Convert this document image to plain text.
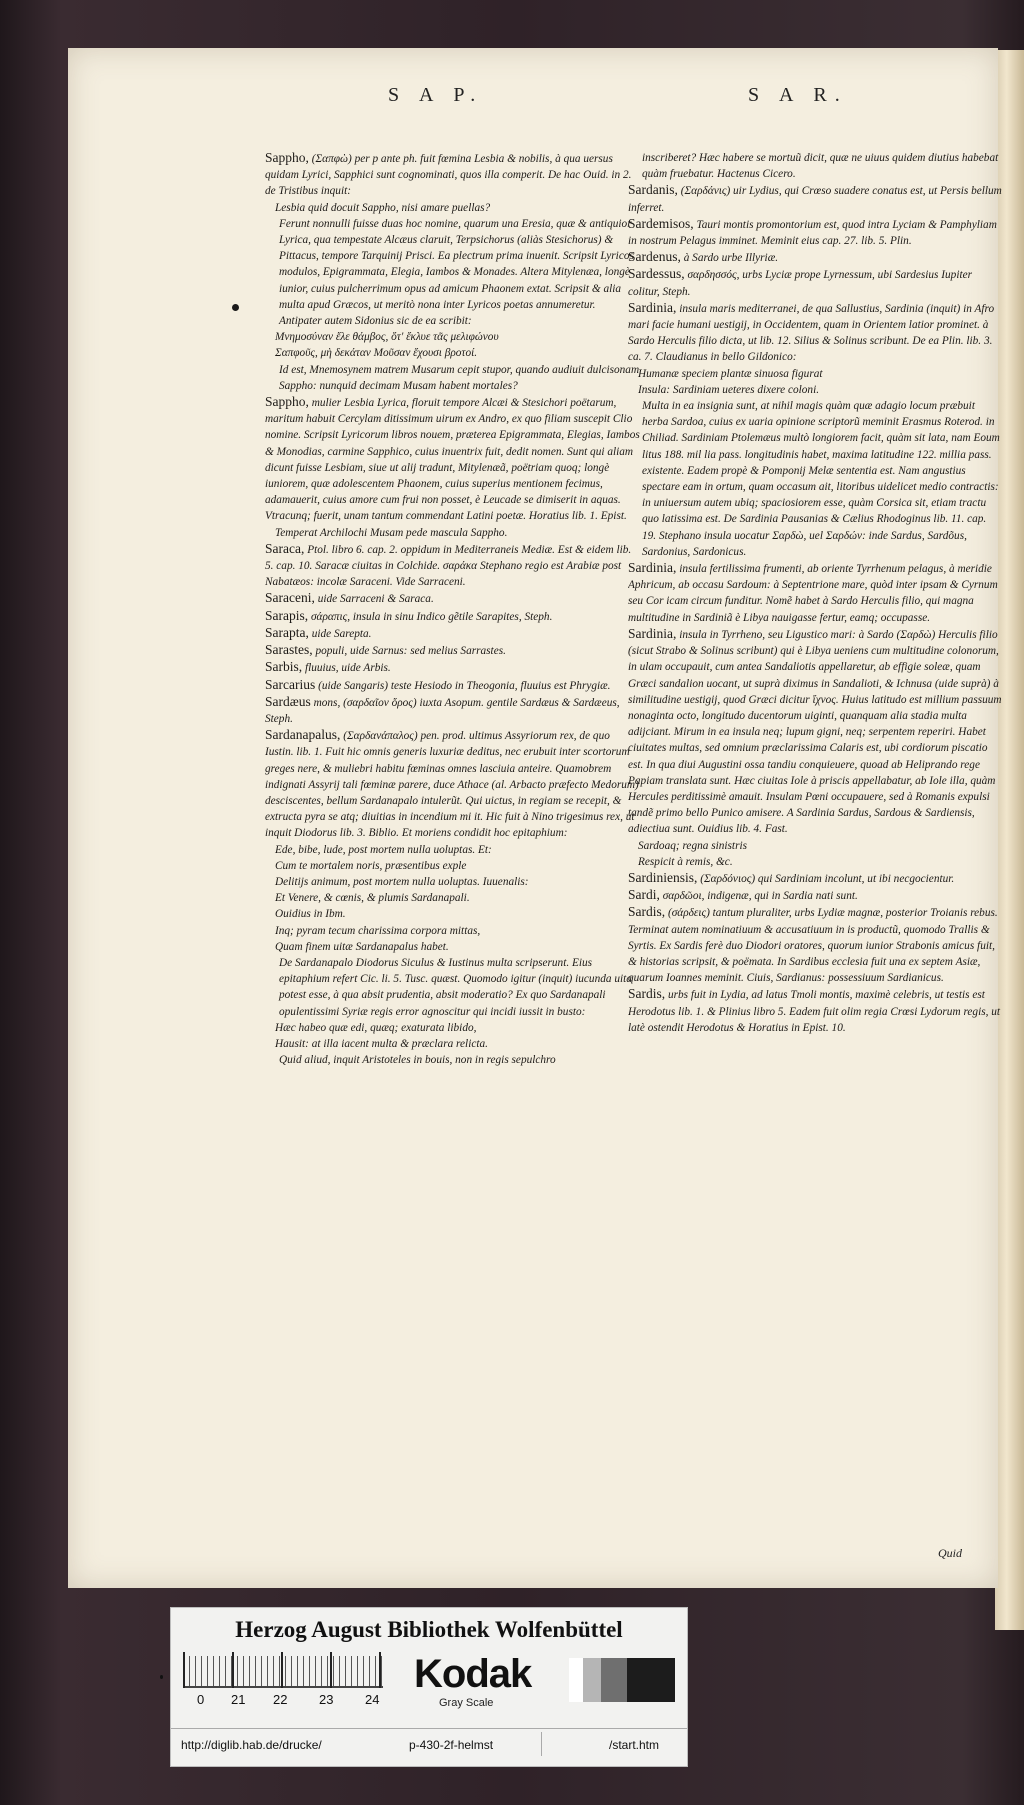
S A P.	S A R.

Sappho, (Σαπφὼ) per p ante ph. fuit fœmina Lesbia & nobilis, à qua uersus quidam Lyrici, Sapphici sunt cognominati, quos illa comperit. De hac Ouid. in 2. de Tristibus inquit:

Lesbia quid docuit Sappho, nisi amare puellas?

Ferunt nonnulli fuisse duas hoc nomine, quarum una Eresia, quæ & antiquior Lyrica, qua tempestate Alcæus claruit, Terpsichorus (aliàs Stesichorus) & Pittacus, tempore Tarquinij Prisci. Ea plectrum prima inuenit. Scripsit Lyricos modulos, Epigrammata, Elegia, Iambos & Monades. Altera Mitylenæa, longè iunior, cuius pulcherrimum opus ad amicum Phaonem extat. Scripsit & alia multa apud Græcos, ut meritò nona inter Lyricos poetas annumeretur. Antipater autem Sidonius sic de ea scribit:

Μνημοσύναν ἔλε θάμβος, ὅτ' ἔκλυε τᾶς μελιφώνου

Σαπφοῦς, μὴ δεκάταν Μοῦσαν ἔχουσι βροτοί.

Id est, Mnemosynem matrem Musarum cepit stupor, quando audiuit dulcisonam Sappho: nunquid decimam Musam habent mortales?

Sappho, mulier Lesbia Lyrica, floruit tempore Alcæi & Stesichori poëtarum, maritum habuit Cercylam ditissimum uirum ex Andro, ex quo filiam suscepit Clio nomine. Scripsit Lyricorum libros nouem, præterea Epigrammata, Elegias, Iambos & Monodias, carmine Sapphico, cuius inuentrix fuit, dedit nomen. Sunt qui aliam dicunt fuisse Lesbiam, siue ut alij tradunt, Mitylenæã, poëtriam quoq; longè iuniorem, quæ adolescentem Phaonem, cuius superius mentionem fecimus, adamauerit, cuius amore cum frui non posset, è Leucade se dimiserit in aquas. Vtracunq; fuerit, unam tantum commendant Latini poetæ. Horatius lib. 1. Epist.

Temperat Archilochi Musam pede mascula Sappho.

Saraca, Ptol. libro 6. cap. 2. oppidum in Mediterraneis Mediæ. Est & eidem lib. 5. cap. 10. Saracæ ciuitas in Colchide. σαράκα Stephano regio est Arabiæ post Nabatæos: incolæ Saraceni. Vide Sarraceni.

Saraceni, uide Sarraceni & Saraca.

Sarapis, σάραπις, insula in sinu Indico gẽtile Sarapites, Steph.

Sarapta, uide Sarepta.

Sarastes, populi, uide Sarnus: sed melius Sarrastes.

Sarbis, fluuius, uide Arbis.

Sarcarius (uide Sangaris) teste Hesiodo in Theogonia, fluuius est Phrygiæ.

Sardæus mons, (σαρδαῖον ὄρος) iuxta Asopum. gentile Sardæus & Sardæeus, Steph.

Sardanapalus, (Σαρδανάπαλος) pen. prod. ultimus Assyriorum rex, de quo Iustin. lib. 1. Fuit hic omnis generis luxuriæ deditus, nec erubuit inter scortorum greges nere, & muliebri habitu fœminas omnes lasciuia anteire. Quamobrem indignati Assyrij tali fœminæ parere, duce Athace (al. Arbacto præfecto Medorum) desciscentes, bellum Sardanapalo intulerũt. Qui uictus, in regiam se recepit, & extructa pyra se atq; diuitias in incendium mi it. Hic fuit à Nino trigesimus rex, ut inquit Diodorus lib. 3. Biblio. Et moriens condidit hoc epitaphium:

Ede, bibe, lude, post mortem nulla uoluptas. Et:

Cum te mortalem noris, præsentibus exple

Delitijs animum, post mortem nulla uoluptas. Iuuenalis:

Et Venere, & cœnis, & plumis Sardanapali.

Ouidius in Ibm.

Inq; pyram tecum charissima corpora mittas,

Quam finem uitæ Sardanapalus habet.

De Sardanapalo Diodorus Siculus & Iustinus multa scripserunt. Eius epitaphium refert Cic. li. 5. Tusc. quæst. Quomodo igitur (inquit) iucunda uita potest esse, à qua absit prudentia, absit moderatio? Ex quo Sardanapali opulentissimi Syriæ regis error agnoscitur qui incidi iussit in busto:

Hæc habeo quæ edi, quæq; exaturata libido,

Hausit: at illa iacent multa & præclara relicta.

Quid aliud, inquit Aristoteles in bouis, non in regis sepulchro

inscriberet? Hæc habere se mortuũ dicit, quæ ne uiuus quidem diutius habebat quàm fruebatur. Hactenus Cicero.

Sardanis, (Σαρδάνις) uir Lydius, qui Crœso suadere conatus est, ut Persis bellum inferret.

Sardemisos, Tauri montis promontorium est, quod intra Lyciam & Pamphyliam in nostrum Pelagus imminet. Meminit eius cap. 27. lib. 5. Plin.

Sardenus, à Sardo urbe Illyriæ.

Sardessus, σαρδησσός, urbs Lyciæ prope Lyrnessum, ubi Sardesius Iupiter colitur, Steph.

Sardinia, insula maris mediterranei, de qua Sallustius, Sardinia (inquit) in Afro mari facie humani uestigij, in Occidentem, quam in Orientem latior prominet. à Sardo Herculis filio dicta, ut lib. 12. Silius & Solinus scribunt. De ea Plin. lib. 3. ca. 7. Claudianus in bello Gildonico:

Humanæ speciem plantæ sinuosa figurat

Insula: Sardiniam ueteres dixere coloni.

Multa in ea insignia sunt, at nihil magis quàm quæ adagio locum præbuit herba Sardoa, cuius ex uaria opinione scriptorũ meminit Erasmus Roterod. in Chiliad. Sardiniam Ptolemæus multò longiorem facit, quàm sit lata, nam Eoum litus 188. mil lia pass. longitudinis habet, maxima latitudine 122. millia pass. existente. Eadem propè & Pomponij Melæ sententia est. Nam angustius spectare eam in ortum, quam occasum ait, litoribus uidelicet medio contractis: in uniuersum autem ubiq; spaciosiorem esse, quàm Corsica sit, etiam tractu quo latissima est. De Sardinia Pausanias & Cælius Rhodoginus lib. 11. cap. 19. Stephano insula uocatur Σαρδὼ, uel Σαρδών: inde Sardus, Sardõus, Sardonius, Sardonicus.

Sardinia, insula fertilissima frumenti, ab oriente Tyrrhenum pelagus, à meridie Aphricum, ab occasu Sardoum: à Septentrione mare, quòd inter ipsam & Cyrnum seu Cor icam circum funditur. Nomẽ habet à Sardo Herculis filio, qui magna multitudine in Sardiniã è Libya nauigasse fertur, eamq; occupasse.

Sardinia, insula in Tyrrheno, seu Ligustico mari: à Sardo (Σαρδὼ) Herculis filio (sicut Strabo & Solinus scribunt) qui è Libya ueniens cum multitudine colonorum, in ulam occupauit, cum antea Sandaliotis appellaretur, ab effigie soleæ, quam Græci sandalion uocant, ut suprà diximus in Sandalioti, & Ichnusa (uide suprà) à similitudine uestigij, quod Græci dicitur ἴχνος. Huius latitudo est millium passuum nonaginta octo, longitudo ducentorum uiginti, quanquam alia stadia multa adijciant. Mirum in ea insula neq; lupum gigni, neq; serpentem reperiri. Habet ciuitates multas, sed omnium præclarissima Calaris est, ubi cordiorum piscatio est. In qua diui Augustini ossa tandiu conquieuere, quoad ab Heliprando rege Papiam translata sunt. Hæc ciuitas Iole à priscis appellabatur, ab Iole illa, quàm Hercules perditissimè amauit. Insulam Pœni occupauere, sed à Romanis expulsi tandẽ primo bello Punico amisere. A Sardinia Sardus, Sardous & Sardiensis, adiectiua sunt. Ouidius lib. 4. Fast.

Sardoaq; regna sinistris

Respicit à remis, &c.

Sardiniensis, (Σαρδόνιος) qui Sardiniam incolunt, ut ibi necgocientur.

Sardi, σαρδῶοι, indigenæ, qui in Sardia nati sunt.

Sardis, (σάρδεις) tantum pluraliter, urbs Lydiæ magnæ, posterior Troianis rebus. Terminat autem nominatiuum & accusatiuum in is productũ, quomodo Trallis & Syrtis. Ex Sardis ferè duo Diodori oratores, quorum iunior Strabonis amicus fuit, & historias scripsit, & poëmata. In Sardibus ecclesia fuit una ex septem Asiæ, quarum Ioannes meminit. Ciuis, Sardianus: possessiuum Sardianicus.

Sardis, urbs fuit in Lydia, ad latus Tmoli montis, maximè celebris, ut testis est Herodotus lib. 1. & Plinius libro 5. Eadem fuit olim regia Crœsi Lydorum regis, ut latè ostendit Herodotus & Horatius in Epist. 10.

Quid
Herzog August Bibliothek Wolfenbüttel
0 21 22 23 24
Kodak
Gray Scale
http://diglib.hab.de/drucke/	p-430-2f-helmst	/start.htm
